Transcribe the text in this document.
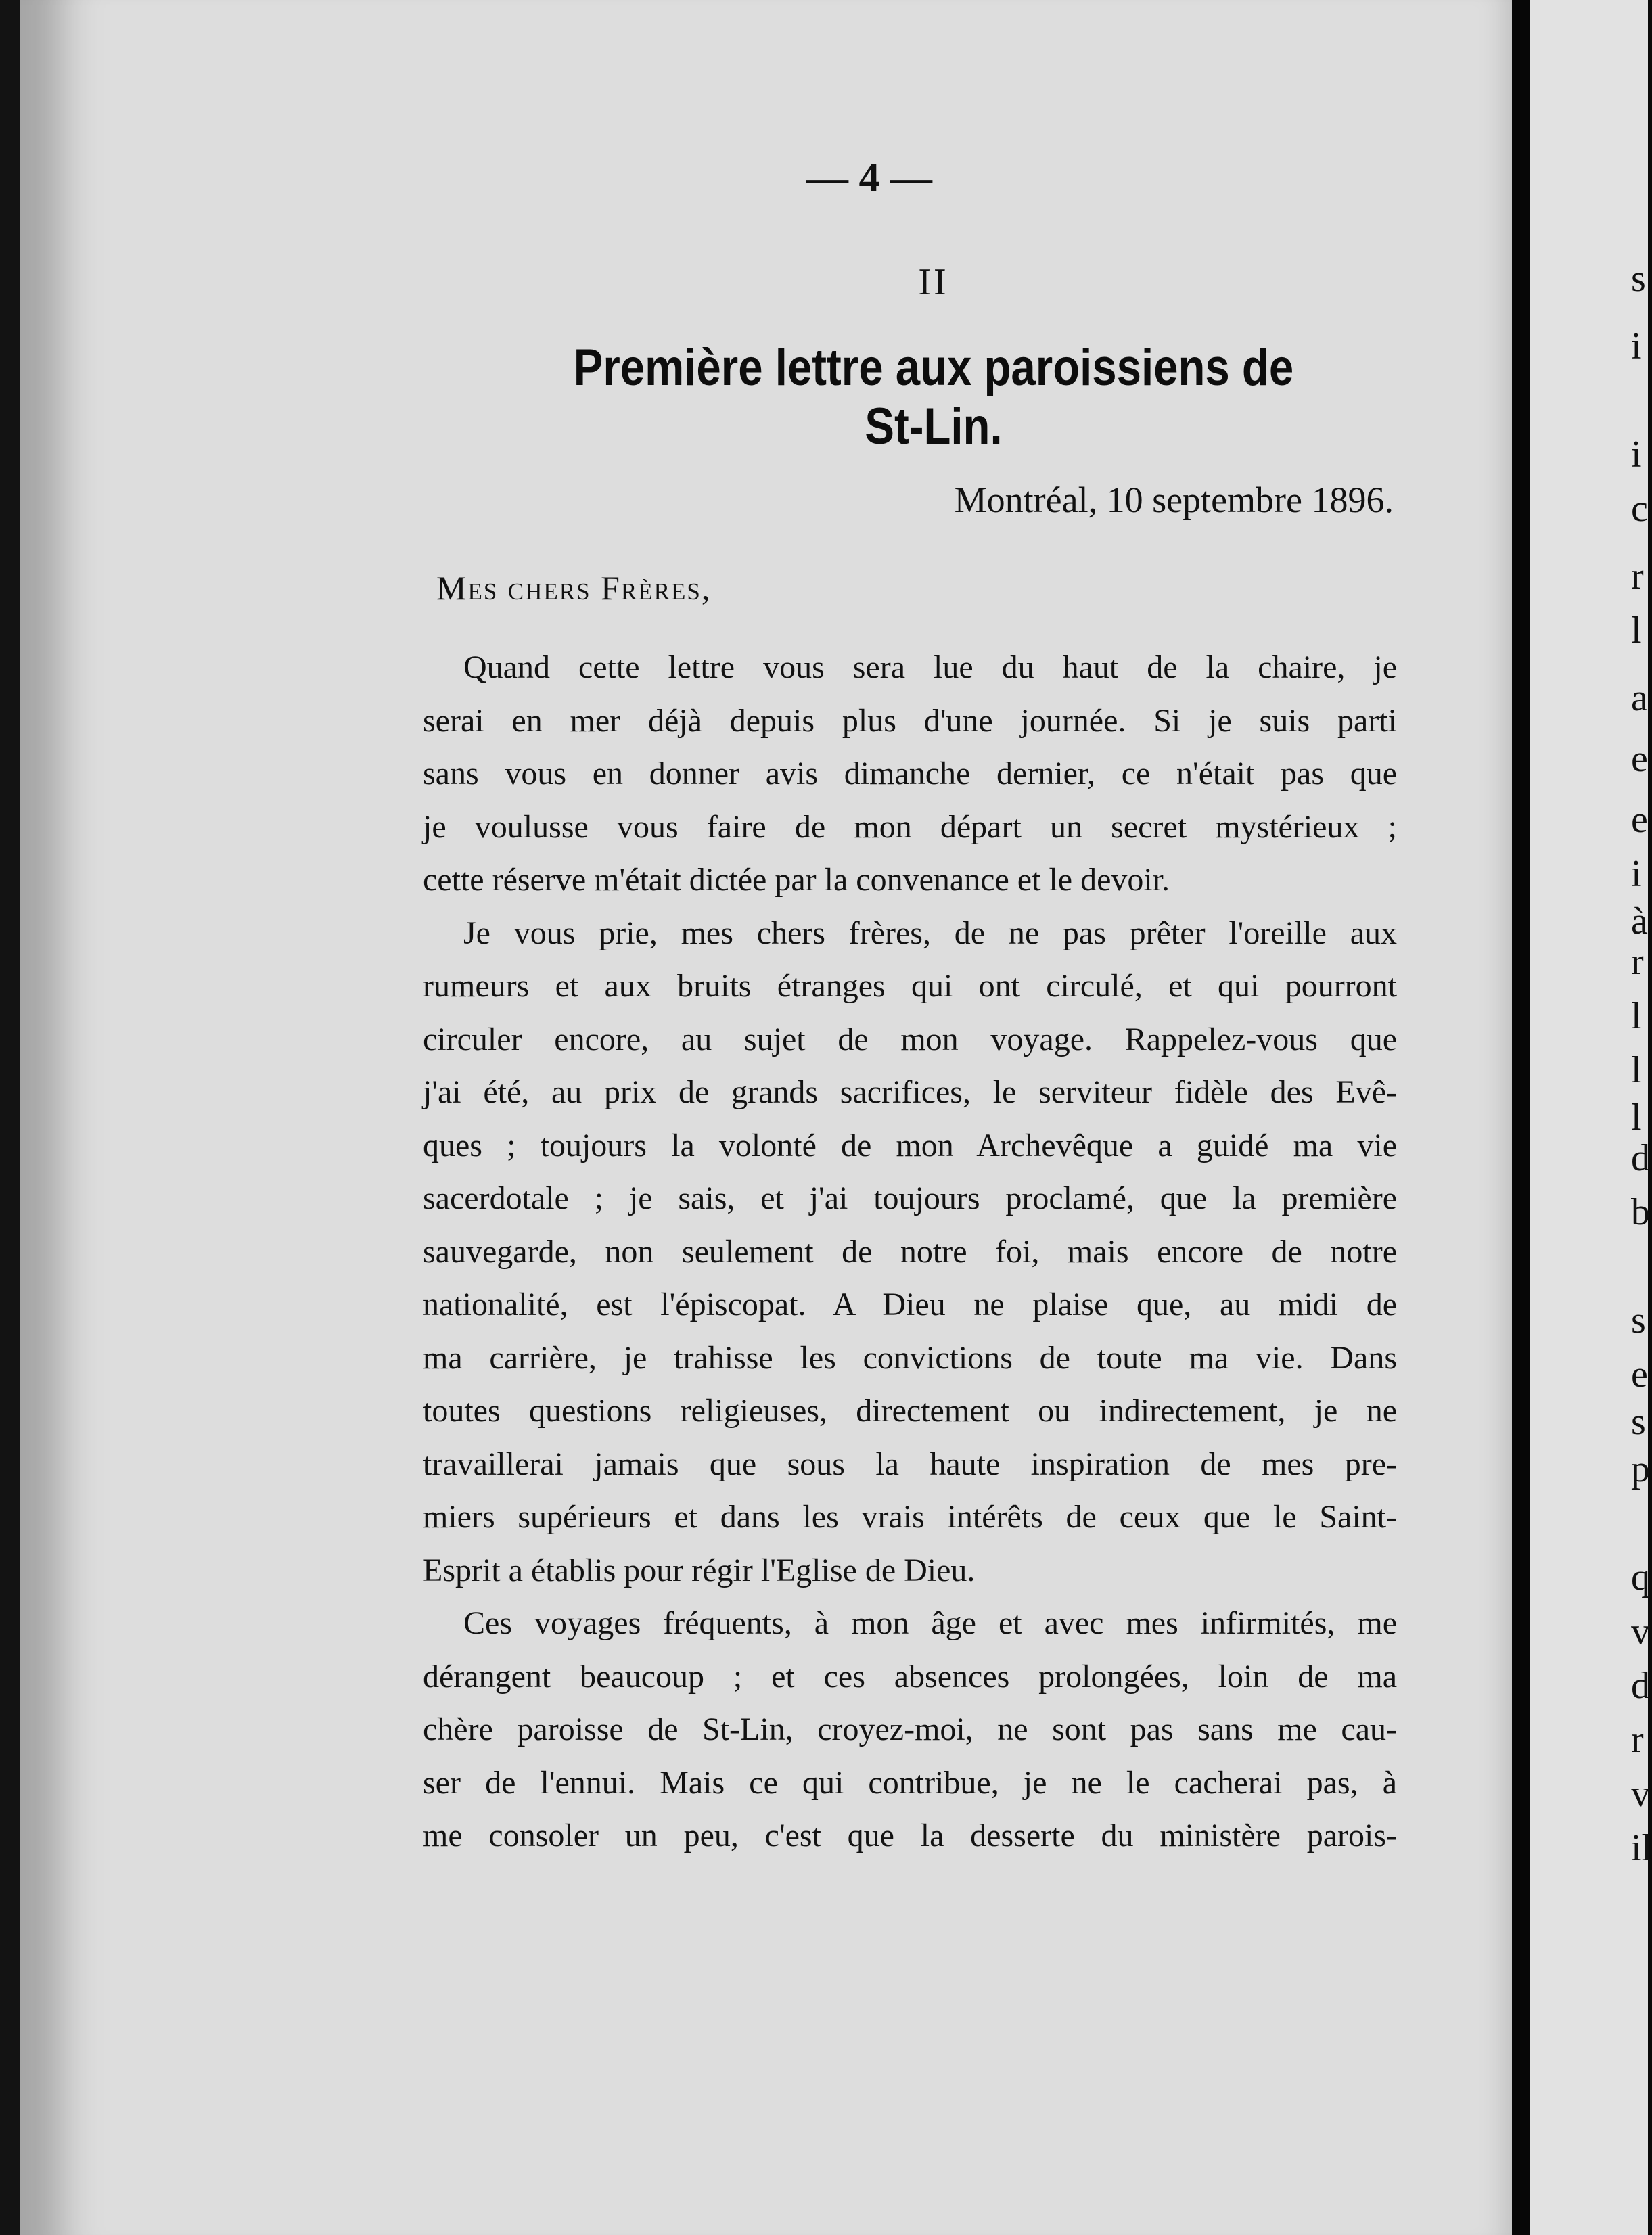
— 4 —
II
Première lettre aux paroissiens de St-Lin.
Montréal, 10 septembre 1896.
Mes chers Frères,
Quand cette lettre vous sera lue du haut de la chaire, je
serai en mer déjà depuis plus d'une journée. Si je suis parti
sans vous en donner avis dimanche dernier, ce n'était pas que
je voulusse vous faire de mon départ un secret mystérieux ;
cette réserve m'était dictée par la convenance et le devoir.
Je vous prie, mes chers frères, de ne pas prêter l'oreille aux
rumeurs et aux bruits étranges qui ont circulé, et qui pourront
circuler encore, au sujet de mon voyage. Rappelez-vous que
j'ai été, au prix de grands sacrifices, le serviteur fidèle des Evê-
ques ; toujours la volonté de mon Archevêque a guidé ma vie
sacerdotale ; je sais, et j'ai toujours proclamé, que la première
sauvegarde, non seulement de notre foi, mais encore de notre
nationalité, est l'épiscopat. A Dieu ne plaise que, au midi de
ma carrière, je trahisse les convictions de toute ma vie. Dans
toutes questions religieuses, directement ou indirectement, je ne
travaillerai jamais que sous la haute inspiration de mes pre-
miers supérieurs et dans les vrais intérêts de ceux que le Saint-
Esprit a établis pour régir l'Eglise de Dieu.
Ces voyages fréquents, à mon âge et avec mes infirmités, me
dérangent beaucoup ; et ces absences prolongées, loin de ma
chère paroisse de St-Lin, croyez-moi, ne sont pas sans me cau-
ser de l'ennui. Mais ce qui contribue, je ne le cacherai pas, à
me consoler un peu, c'est que la desserte du ministère parois-
s
i
i
c
r
l
a
e
e
i
à
r
l
l
l
d
b
s
e
s
p
q
v
d
r
v
il
